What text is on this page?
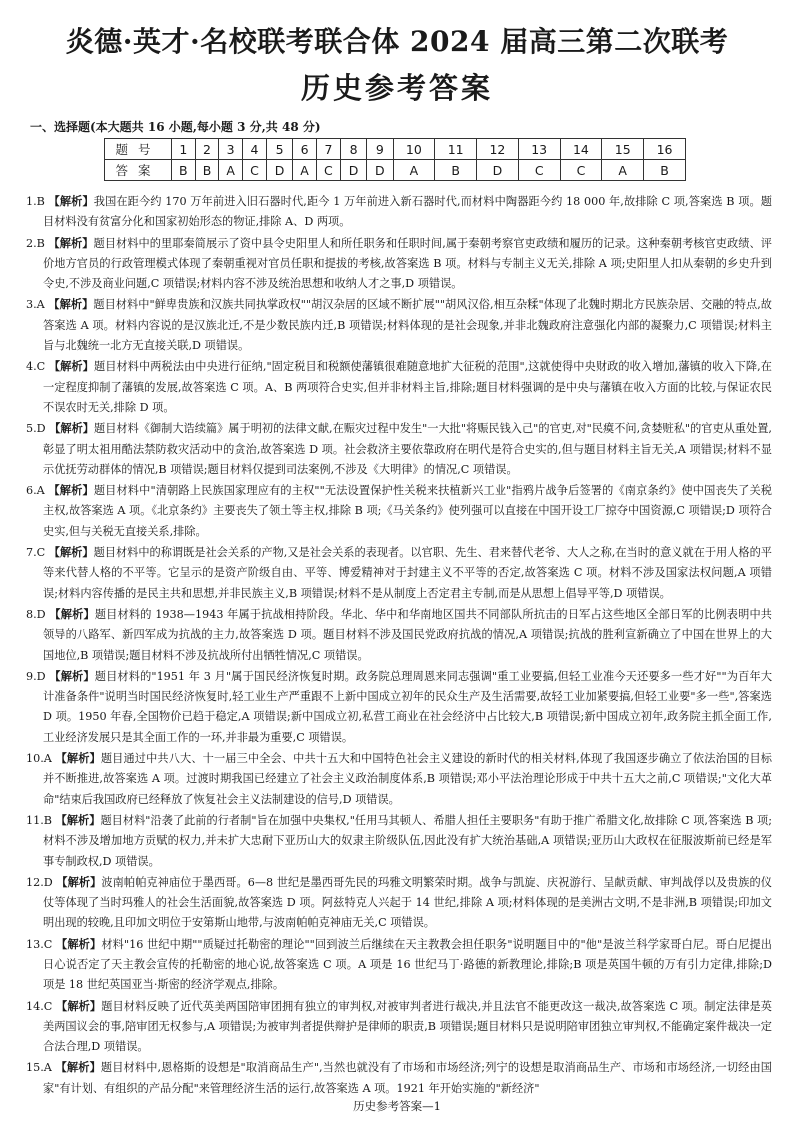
炎德·英才·名校联考联合体 2024 届高三第二次联考
历史参考答案
一、选择题(本大题共 16 小题,每小题 3 分,共 48 分)
题号	1	2	3	4	5	6	7	8	9	10	11	12	13	14	15	16
答案	B	B	A	C	D	A	C	D	D	A	B	D	C	C	A	B
1.B 【解析】我国在距今约 170 万年前进入旧石器时代,距今 1 万年前进入新石器时代,而材料中陶器距今约 18 000 年,故排除 C 项,答案选 B 项。题目材料没有贫富分化和国家初始形态的物证,排除 A、D 两项。
2.B 【解析】题目材料中的里耶秦简展示了资中县令史阳里人和所任职务和任职时间,属于秦朝考察官吏政绩和履历的记录。这种秦朝考核官吏政绩、评价地方官员的行政管理模式体现了秦朝重视对官员任职和提拔的考核,故答案选 B 项。材料与专制主义无关,排除 A 项;史阳里人扣从秦朝的乡史升到令史,不涉及商业问题,C 项错误;材料内容不涉及统治思想和收纳人才之事,D 项错误。
3.A 【解析】题目材料中"鲜卑贵族和汉族共同执掌政权""胡汉杂居的区域不断扩展""胡风汉俗,相互杂糅"体现了北魏时期北方民族杂居、交融的特点,故答案选 A 项。材料内容说的是汉族北迁,不是少数民族内迁,B 项错误;材料体现的是社会现象,并非北魏政府注意强化内部的凝聚力,C 项错误;材料主旨与北魏统一北方无直接关联,D 项错误。
4.C 【解析】题目材料中两税法由中央进行征纳,"固定税目和税额使藩镇很难随意地扩大征税的范围",这就使得中央财政的收入增加,藩镇的收入下降,在一定程度抑制了藩镇的发展,故答案选 C 项。A、B 两项符合史实,但并非材料主旨,排除;题目材料强调的是中央与藩镇在收入方面的比较,与保证农民不误农时无关,排除 D 项。
5.D 【解析】题目材料《御制大诰续篇》属于明初的法律文献,在赈灾过程中发生"一大批"将赈民钱入己"的官吏,对"民瘼不问,贪婪赃私"的官吏从重处置,彰显了明太祖用酷法禁防救灾活动中的贪治,故答案选 D 项。社会救济主要依靠政府在明代是符合史实的,但与题目材料主旨无关,A 项错误;材料不显示优抚劳动群体的情况,B 项错误;题目材料仅提到司法案例,不涉及《大明律》的情况,C 项错误。
6.A 【解析】题目材料中"清朝路上民族国家理应有的主权""无法设置保护性关税来扶植新兴工业"指鸦片战争后签署的《南京条约》使中国丧失了关税主权,故答案选 A 项。《北京条约》主要丧失了领土等主权,排除 B 项;《马关条约》使列强可以直接在中国开设工厂掠夺中国资源,C 项错误;D 项符合史实,但与关税无直接关系,排除。
7.C 【解析】题目材料中的称谓既是社会关系的产物,又是社会关系的表现者。以官职、先生、君来替代老爷、大人之称,在当时的意义就在于用人格的平等来代替人格的不平等。它呈示的是资产阶级自由、平等、博爱精神对于封建主义不平等的否定,故答案选 C 项。材料不涉及国家法权问题,A 项错误;材料内容传播的是民主共和思想,并非民族主义,B 项错误;材料不是从制度上否定君主专制,而是从思想上倡导平等,D 项错误。
8.D 【解析】题目材料的 1938—1943 年属于抗战相持阶段。华北、华中和华南地区国共不同部队所抗击的日军占这些地区全部日军的比例表明中共领导的八路军、新四军成为抗战的主力,故答案选 D 项。题目材料不涉及国民党政府抗战的情况,A 项错误;抗战的胜利宣新确立了中国在世界上的大国地位,B 项错误;题目材料不涉及抗战所付出牺牲情况,C 项错误。
9.D 【解析】题目材料的"1951 年 3 月"属于国民经济恢复时期。政务院总理周恩来同志强调"重工业要搞,但轻工业准今天还要多一些才好""为百年大计准备条件"说明当时国民经济恢复时,轻工业生产严重跟不上新中国成立初年的民众生产及生活需要,故轻工业加紧要搞,但轻工业要"多一些",答案选 D 项。1950 年春,全国物价已趋于稳定,A 项错误;新中国成立初,私营工商业在社会经济中占比较大,B 项错误;新中国成立初年,政务院主抓全面工作,工业经济发展只是其全面工作的一环,并非最为重要,C 项错误。
10.A 【解析】题目通过中共八大、十一届三中全会、中共十五大和中国特色社会主义建设的新时代的相关材料,体现了我国逐步确立了依法治国的目标并不断推进,故答案选 A 项。过渡时期我国已经建立了社会主义政治制度体系,B 项错误;邓小平法治理论形成于中共十五大之前,C 项错误;"文化大革命"结束后我国政府已经释放了恢复社会主义法制建设的信号,D 项错误。
11.B 【解析】题目材料"沿袭了此前的行者制"旨在加强中央集权,"任用马其顿人、希腊人担任主要职务"有助于推广希腊文化,故排除 C 项,答案选 B 项;材料不涉及增加地方贡赋的权力,并未扩大忠耐下亚历山大的奴隶主阶级队伍,因此没有扩大统治基础,A 项错误;亚历山大政权在征服波斯前已经是军事专制政权,D 项错误。
12.D 【解析】波南帕帕克神庙位于墨西哥。6—8 世纪是墨西哥先民的玛雅文明繁荣时期。战争与凯旋、庆祝游行、呈献贡献、审判战俘以及贵族的仪仗等体现了当时玛雅人的社会生活面貌,故答案选 D 项。阿兹特克人兴起于 14 世纪,排除 A 项;材料体现的是美洲古文明,不是非洲,B 项错误;印加文明出现的较晚,且印加文明位于安第斯山地带,与波南帕帕克神庙无关,C 项错误。
13.C 【解析】材料"16 世纪中期""质疑过托勒密的理论""回到波兰后继续在天主教教会担任职务"说明题目中的"他"是波兰科学家哥白尼。哥白尼提出日心说否定了天主教会宣传的托勒密的地心说,故答案选 C 项。A 项是 16 世纪马丁·路德的新教理论,排除;B 项是英国牛顿的万有引力定律,排除;D 项是 18 世纪英国亚当·斯密的经济学观点,排除。
14.C 【解析】题目材料反映了近代英美两国陪审团拥有独立的审判权,对被审判者进行裁决,并且法官不能更改这一裁决,故答案选 C 项。制定法律是英美两国议会的事,陪审团无权参与,A 项错误;为被审判者提供辩护是律师的职责,B 项错误;题目材料只是说明陪审团独立审判权,不能确定案件裁决一定合法合理,D 项错误。
15.A 【解析】题目材料中,恩格斯的设想是"取消商品生产",当然也就没有了市场和市场经济;列宁的设想是取消商品生产、市场和市场经济,一切经由国家"有计划、有组织的产品分配"来管理经济生活的运行,故答案选 A 项。1921 年开始实施的"新经济"
历史参考答案—1
